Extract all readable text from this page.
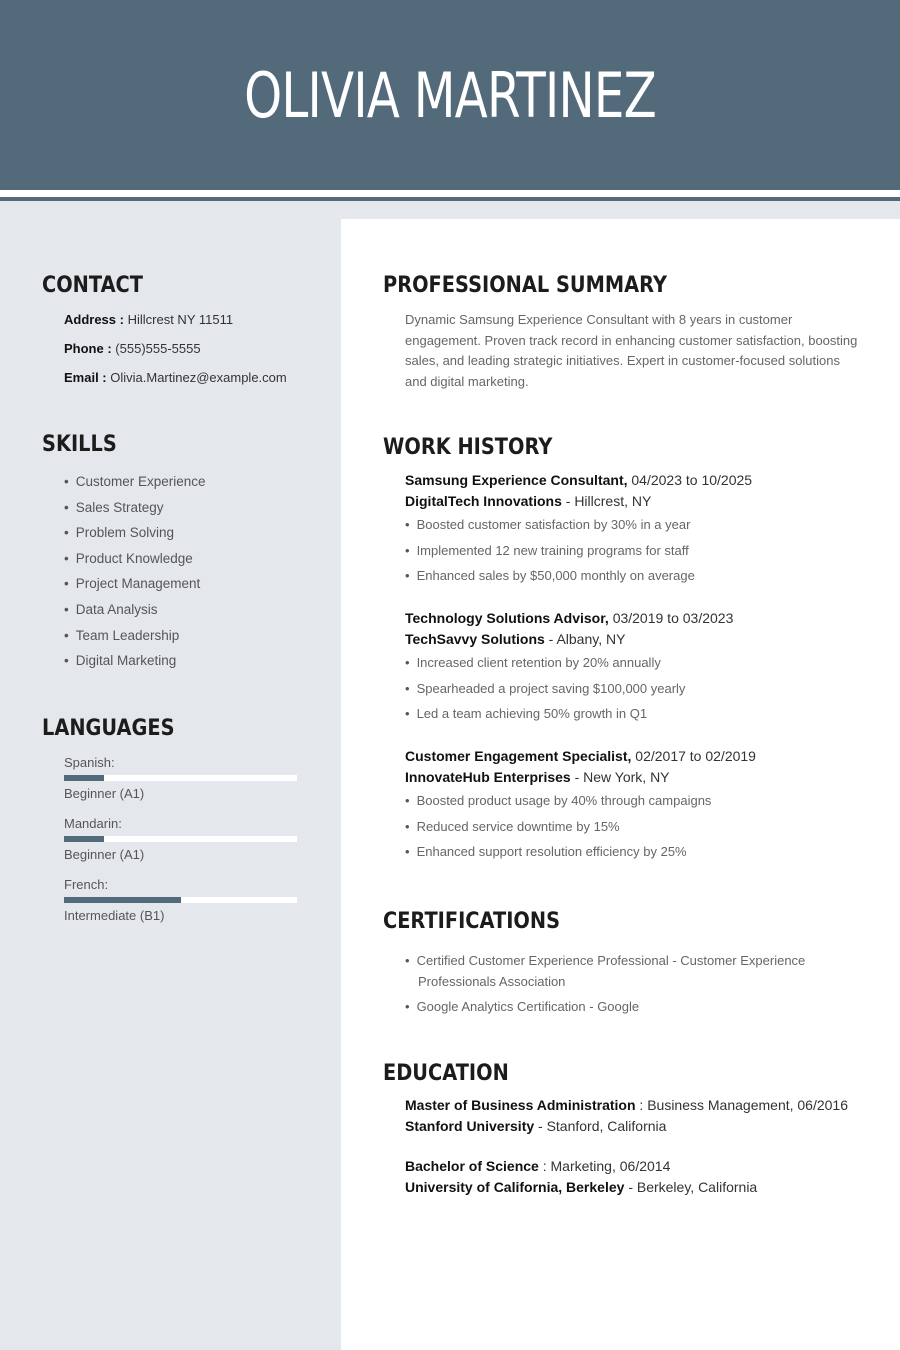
OLIVIA MARTINEZ
CONTACT
Address : Hillcrest NY 11511
Phone : (555)555-5555
Email : Olivia.Martinez@example.com
SKILLS
• Customer Experience
• Sales Strategy
• Problem Solving
• Product Knowledge
• Project Management
• Data Analysis
• Team Leadership
• Digital Marketing
LANGUAGES
Spanish:
Beginner (A1)
Mandarin:
Beginner (A1)
French:
Intermediate (B1)
PROFESSIONAL SUMMARY
Dynamic Samsung Experience Consultant with 8 years in customer engagement. Proven track record in enhancing customer satisfaction, boosting sales, and leading strategic initiatives. Expert in customer-focused solutions and digital marketing.
WORK HISTORY
Samsung Experience Consultant, 04/2023 to 10/2025
DigitalTech Innovations - Hillcrest, NY
• Boosted customer satisfaction by 30% in a year
• Implemented 12 new training programs for staff
• Enhanced sales by $50,000 monthly on average
Technology Solutions Advisor, 03/2019 to 03/2023
TechSavvy Solutions - Albany, NY
• Increased client retention by 20% annually
• Spearheaded a project saving $100,000 yearly
• Led a team achieving 50% growth in Q1
Customer Engagement Specialist, 02/2017 to 02/2019
InnovateHub Enterprises - New York, NY
• Boosted product usage by 40% through campaigns
• Reduced service downtime by 15%
• Enhanced support resolution efficiency by 25%
CERTIFICATIONS
• Certified Customer Experience Professional - Customer Experience Professionals Association
• Google Analytics Certification - Google
EDUCATION
Master of Business Administration : Business Management, 06/2016
Stanford University - Stanford, California
Bachelor of Science : Marketing, 06/2014
University of California, Berkeley - Berkeley, California
